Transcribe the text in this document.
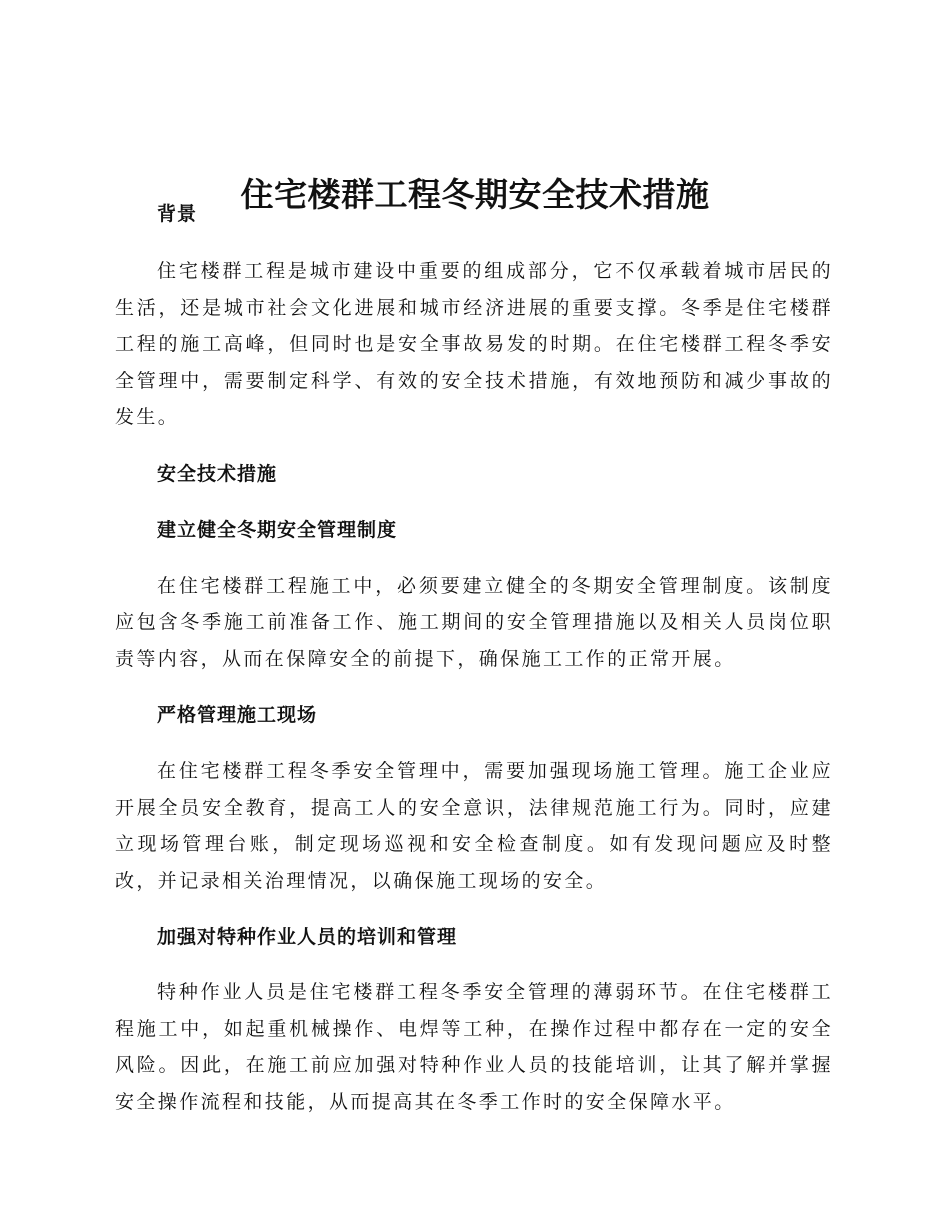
住宅楼群工程冬期安全技术措施
背景

住宅楼群工程是城市建设中重要的组成部分，它不仅承载着城市居民的生活，还是城市社会文化进展和城市经济进展的重要支撑。冬季是住宅楼群工程的施工高峰，但同时也是安全事故易发的时期。在住宅楼群工程冬季安全管理中，需要制定科学、有效的安全技术措施，有效地预防和减少事故的发生。

安全技术措施
建立健全冬期安全管理制度

在住宅楼群工程施工中，必须要建立健全的冬期安全管理制度。该制度应包含冬季施工前准备工作、施工期间的安全管理措施以及相关人员岗位职责等内容，从而在保障安全的前提下，确保施工工作的正常开展。

严格管理施工现场

在住宅楼群工程冬季安全管理中，需要加强现场施工管理。施工企业应开展全员安全教育，提高工人的安全意识，法律规范施工行为。同时，应建立现场管理台账，制定现场巡视和安全检查制度。如有发现问题应及时整改，并记录相关治理情况，以确保施工现场的安全。

加强对特种作业人员的培训和管理

特种作业人员是住宅楼群工程冬季安全管理的薄弱环节。在住宅楼群工程施工中，如起重机械操作、电焊等工种，在操作过程中都存在一定的安全风险。因此，在施工前应加强对特种作业人员的技能培训，让其了解并掌握安全操作流程和技能，从而提高其在冬季工作时的安全保障水平。
